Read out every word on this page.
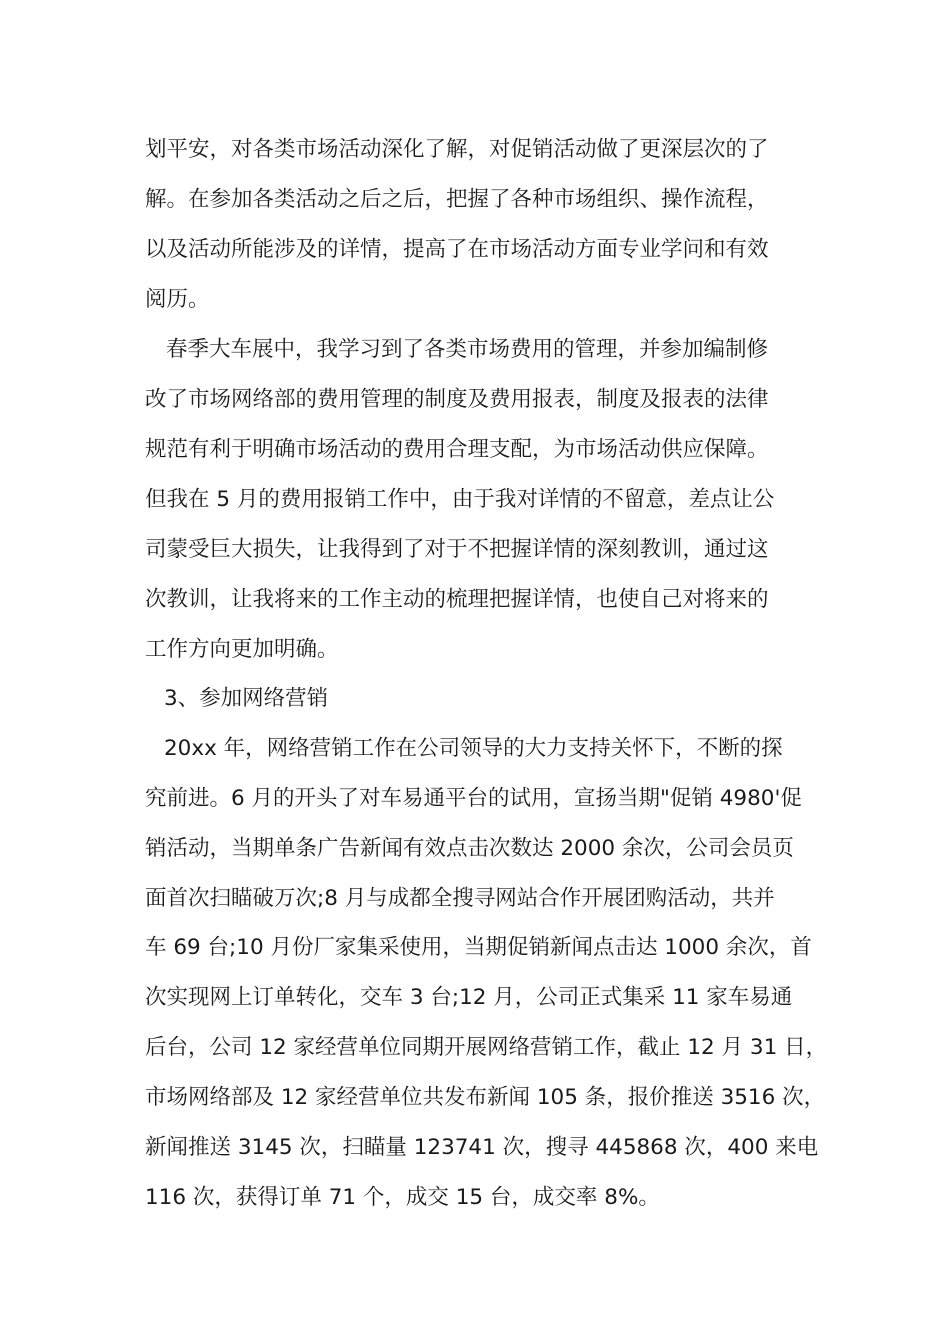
划平安，对各类市场活动深化了解，对促销活动做了更深层次的了
解。在参加各类活动之后之后，把握了各种市场组织、操作流程，
以及活动所能涉及的详情，提高了在市场活动方面专业学问和有效
阅历。
春季大车展中，我学习到了各类市场费用的管理，并参加编制修
改了市场网络部的费用管理的制度及费用报表，制度及报表的法律
规范有利于明确市场活动的费用合理支配，为市场活动供应保障。
但我在 5 月的费用报销工作中，由于我对详情的不留意，差点让公
司蒙受巨大损失，让我得到了对于不把握详情的深刻教训，通过这
次教训，让我将来的工作主动的梳理把握详情，也使自己对将来的
工作方向更加明确。
3、参加网络营销
20xx 年，网络营销工作在公司领导的大力支持关怀下，不断的探
究前进。6 月的开头了对车易通平台的试用，宣扬当期"促销 4980'促
销活动，当期单条广告新闻有效点击次数达 2000 余次，公司会员页
面首次扫瞄破万次;8 月与成都全搜寻网站合作开展团购活动，共并
车 69 台;10 月份厂家集采使用，当期促销新闻点击达 1000 余次，首
次实现网上订单转化，交车 3 台;12 月，公司正式集采 11 家车易通
后台，公司 12 家经营单位同期开展网络营销工作，截止 12 月 31 日，
市场网络部及 12 家经营单位共发布新闻 105 条，报价推送 3516 次，
新闻推送 3145 次，扫瞄量 123741 次，搜寻 445868 次，400 来电
116 次，获得订单 71 个，成交 15 台，成交率 8%。
